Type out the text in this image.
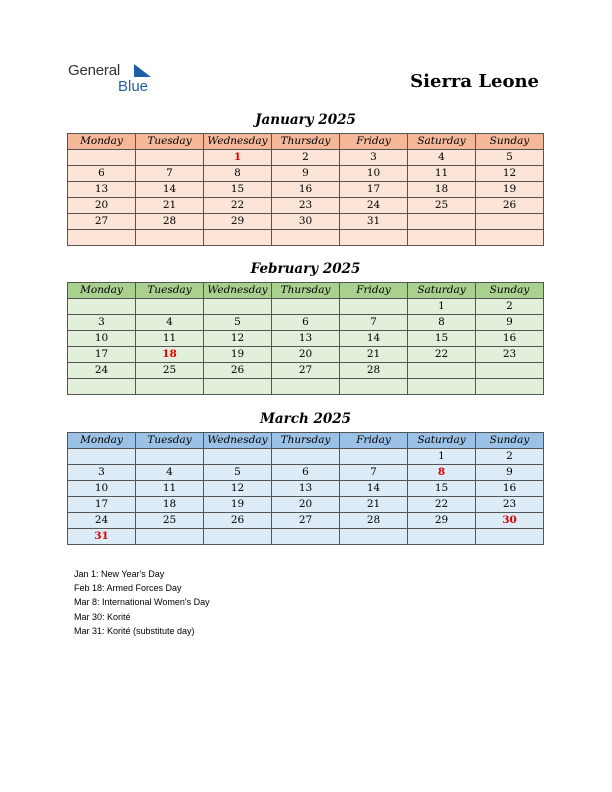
General
Blue	Sierra Leone
January 2025
Monday	Tuesday	Wednesday	Thursday	Friday	Saturday	Sunday
		1	2	3	4	5
6	7	8	9	10	11	12
13	14	15	16	17	18	19
20	21	22	23	24	25	26
27	28	29	30	31		

February 2025
Monday	Tuesday	Wednesday	Thursday	Friday	Saturday	Sunday
					1	2
3	4	5	6	7	8	9
10	11	12	13	14	15	16
17	18	19	20	21	22	23
24	25	26	27	28		

March 2025
Monday	Tuesday	Wednesday	Thursday	Friday	Saturday	Sunday
					1	2
3	4	5	6	7	8	9
10	11	12	13	14	15	16
17	18	19	20	21	22	23
24	25	26	27	28	29	30
31						
Jan 1: New Year's Day
Feb 18: Armed Forces Day
Mar 8: International Women's Day
Mar 30: Korité
Mar 31: Korité (substitute day)
